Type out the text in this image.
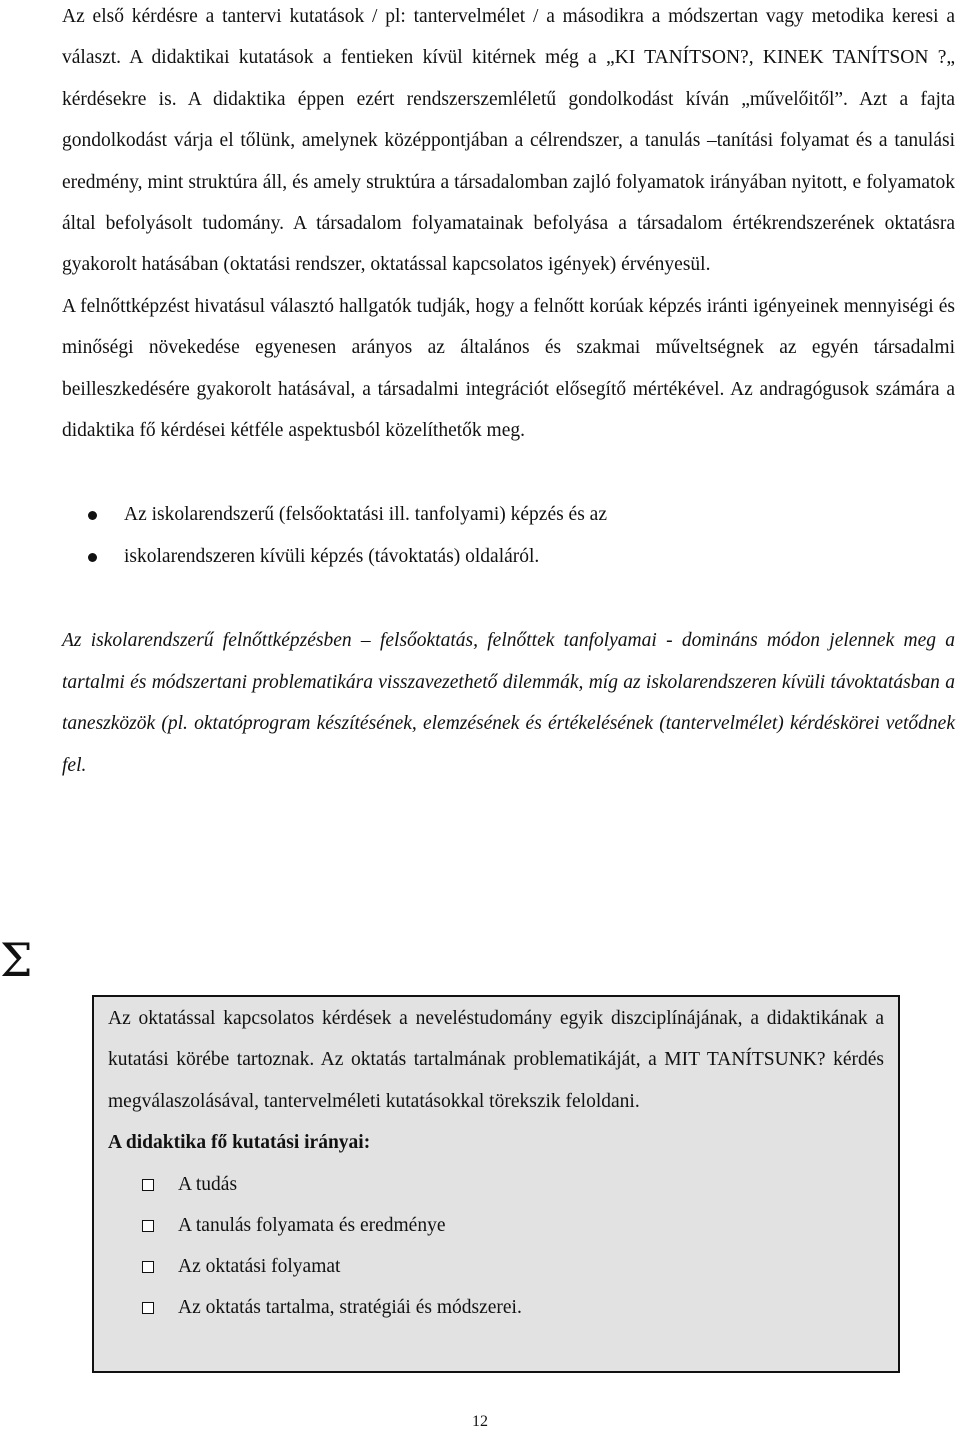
Az első kérdésre a tantervi kutatások / pl: tantervelmélet / a másodikra a módszertan vagy metodika keresi a választ. A didaktikai kutatások a fentieken kívül kitérnek még a „KI TANÍTSON?, KINEK TANÍTSON ?„ kérdésekre is. A didaktika éppen ezért rendszerszemléletű gondolkodást kíván „művelőitől”. Azt a fajta gondolkodást várja el tőlünk, amelynek középpontjában a célrendszer, a tanulás –tanítási folyamat és a tanulási eredmény, mint struktúra áll, és amely struktúra a társadalomban zajló folyamatok irányában nyitott, e folyamatok által befolyásolt tudomány. A társadalom folyamatainak befolyása a társadalom értékrendszerének oktatásra gyakorolt hatásában (oktatási rendszer, oktatással kapcsolatos igények) érvényesül.

A felnőttképzést hivatásul választó hallgatók tudják, hogy a felnőtt korúak képzés iránti igényeinek mennyiségi és minőségi növekedése egyenesen arányos az általános és szakmai műveltségnek az egyén társadalmi beilleszkedésére gyakorolt hatásával, a társadalmi integrációt elősegítő mértékével. Az andragógusok számára a didaktika fő kérdései kétféle aspektusból közelíthetők meg.

Az iskolarendszerű (felsőoktatási ill. tanfolyami) képzés és az
iskolarendszeren kívüli képzés (távoktatás) oldaláról.

Az iskolarendszerű felnőttképzésben – felsőoktatás, felnőttek tanfolyamai - domináns módon jelennek meg a tartalmi és módszertani problematikára visszavezethető dilemmák, míg az iskolarendszeren kívüli távoktatásban a taneszközök (pl. oktatóprogram készítésének, elemzésének és értékelésének (tantervelmélet) kérdéskörei vetődnek fel.

Σ

Az oktatással kapcsolatos kérdések a neveléstudomány egyik diszciplínájának, a didaktikának a kutatási körébe tartoznak. Az oktatás tartalmának problematikáját, a MIT TANÍTSUNK? kérdés megválaszolásával, tantervelméleti kutatásokkal törekszik feloldani.

A didaktika fő kutatási irányai:

A tudás
A tanulás folyamata és eredménye
Az oktatási folyamat
Az oktatás tartalma, stratégiái és módszerei.
12
